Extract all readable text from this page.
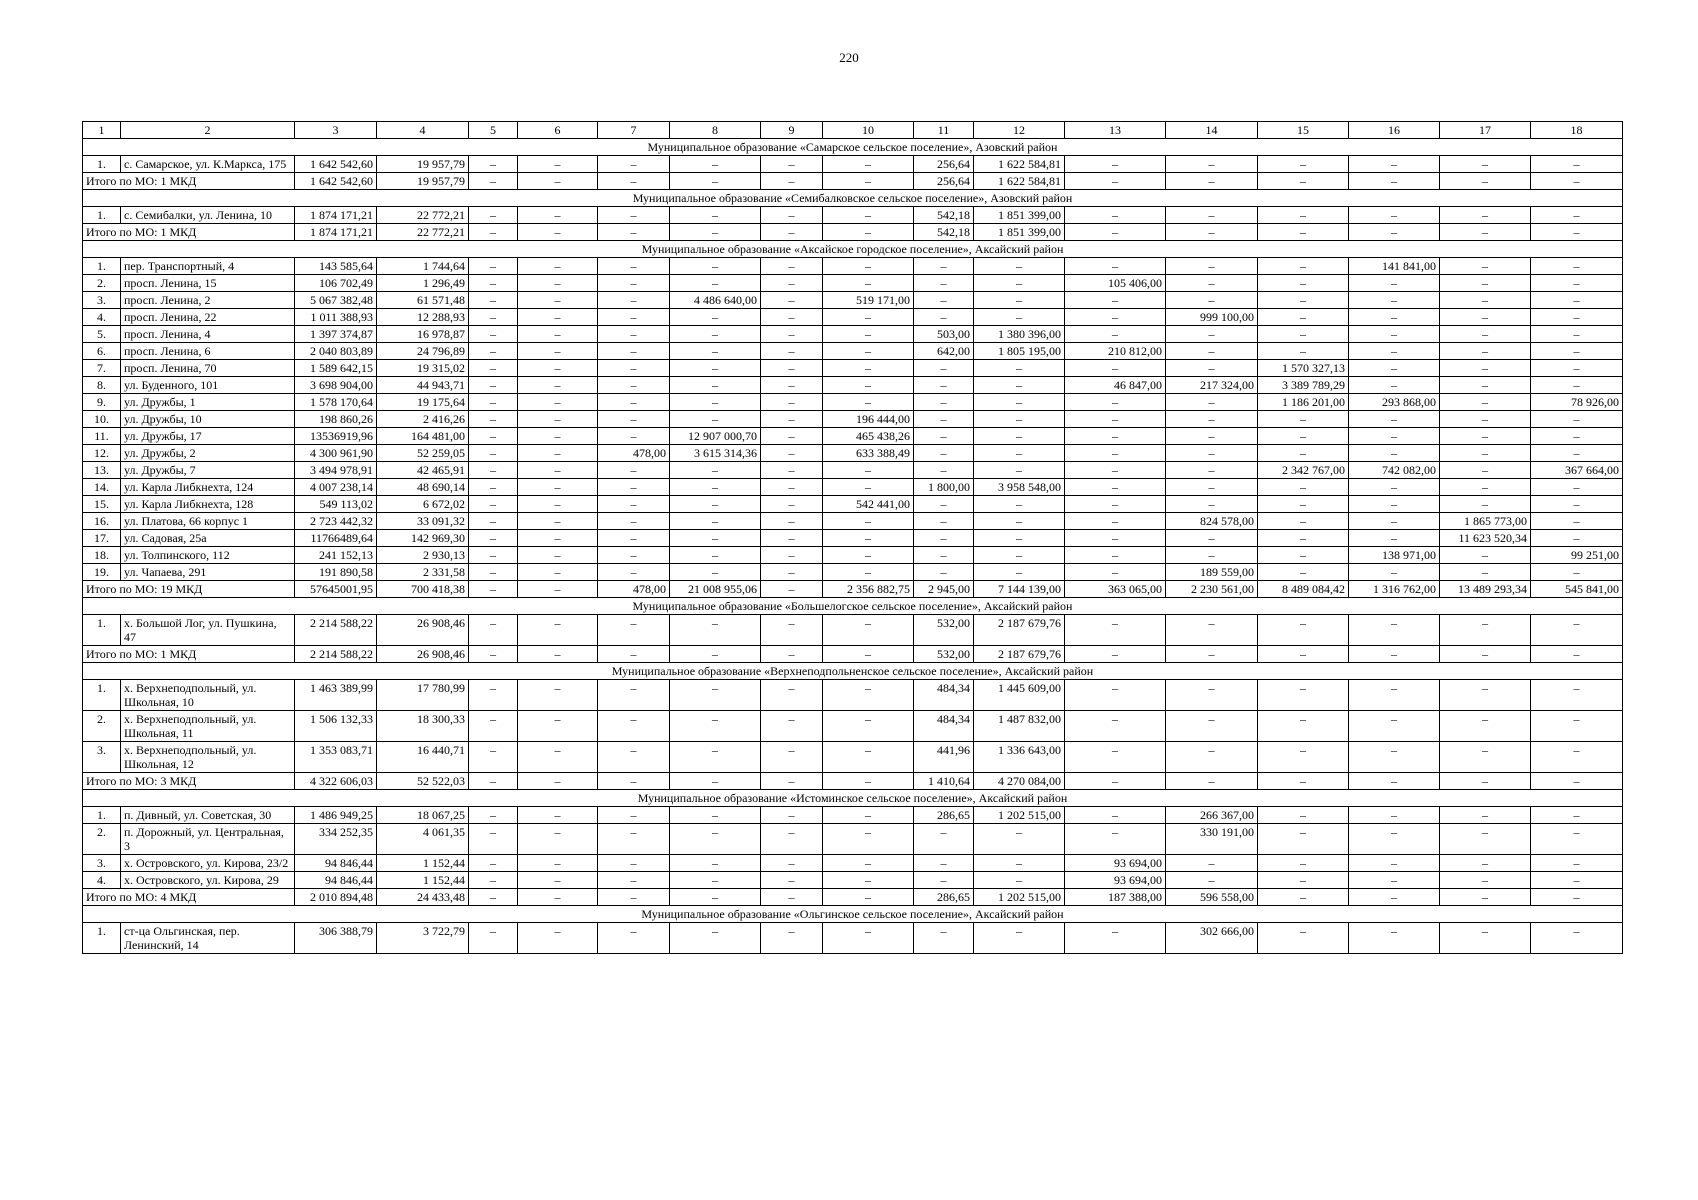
220
1	2	3	4	5	6	7	8	9	10	11	12	13	14	15	16	17	18
Муниципальное образование «Самарское сельское поселение», Азовский район																	
1.	с. Самарское, ул. К.Маркса, 175	1 642 542,60	19 957,79	–	–	–	–	–	–	256,64	1 622 584,81	–	–	–	–	–	–
Итого по МО: 1 МКД		1 642 542,60	19 957,79	–	–	–	–	–	–	256,64	1 622 584,81	–	–	–	–	–	–
Муниципальное образование «Семибалковское сельское поселение», Азовский район																	
1.	с. Семибалки, ул. Ленина, 10	1 874 171,21	22 772,21	–	–	–	–	–	–	542,18	1 851 399,00	–	–	–	–	–	–
Итого по МО: 1 МКД		1 874 171,21	22 772,21	–	–	–	–	–	–	542,18	1 851 399,00	–	–	–	–	–	–
Муниципальное образование «Аксайское городское поселение», Аксайский район																	
1.	пер. Транспортный, 4	143 585,64	1 744,64	–	–	–	–	–	–	–	–	–	–	–	141 841,00	–	–
2.	просп. Ленина, 15	106 702,49	1 296,49	–	–	–	–	–	–	–	–	105 406,00	–	–	–	–	–
3.	просп. Ленина, 2	5 067 382,48	61 571,48	–	–	–	4 486 640,00	–	519 171,00	–	–	–	–	–	–	–	–
4.	просп. Ленина, 22	1 011 388,93	12 288,93	–	–	–	–	–	–	–	–	–	999 100,00	–	–	–	–
5.	просп. Ленина, 4	1 397 374,87	16 978,87	–	–	–	–	–	–	503,00	1 380 396,00	–	–	–	–	–	–
6.	просп. Ленина, 6	2 040 803,89	24 796,89	–	–	–	–	–	–	642,00	1 805 195,00	210 812,00	–	–	–	–	–
7.	просп. Ленина, 70	1 589 642,15	19 315,02	–	–	–	–	–	–	–	–	–	–	1 570 327,13	–	–	–
8.	ул. Буденного, 101	3 698 904,00	44 943,71	–	–	–	–	–	–	–	–	46 847,00	217 324,00	3 389 789,29	–	–	–
9.	ул. Дружбы, 1	1 578 170,64	19 175,64	–	–	–	–	–	–	–	–	–	–	1 186 201,00	293 868,00	–	78 926,00
10.	ул. Дружбы, 10	198 860,26	2 416,26	–	–	–	–	–	196 444,00	–	–	–	–	–	–	–	–
11.	ул. Дружбы, 17	13536919,96	164 481,00	–	–	–	12 907 000,70	–	465 438,26	–	–	–	–	–	–	–	–
12.	ул. Дружбы, 2	4 300 961,90	52 259,05	–	–	478,00	3 615 314,36	–	633 388,49	–	–	–	–	–	–	–	–
13.	ул. Дружбы, 7	3 494 978,91	42 465,91	–	–	–	–	–	–	–	–	–	–	2 342 767,00	742 082,00	–	367 664,00
14.	ул. Карла Либкнехта, 124	4 007 238,14	48 690,14	–	–	–	–	–	–	1 800,00	3 958 548,00	–	–	–	–	–	–
15.	ул. Карла Либкнехта, 128	549 113,02	6 672,02	–	–	–	–	–	542 441,00	–	–	–	–	–	–	–	–
16.	ул. Платова, 66 корпус 1	2 723 442,32	33 091,32	–	–	–	–	–	–	–	–	–	824 578,00	–	–	1 865 773,00	–
17.	ул. Садовая, 25а	11766489,64	142 969,30	–	–	–	–	–	–	–	–	–	–	–	–	11 623 520,34	–
18.	ул. Толпинского, 112	241 152,13	2 930,13	–	–	–	–	–	–	–	–	–	–	–	138 971,00	–	99 251,00
19.	ул. Чапаева, 291	191 890,58	2 331,58	–	–	–	–	–	–	–	–	–	189 559,00	–	–	–	–
Итого по МО: 19 МКД		57645001,95	700 418,38	–	–	478,00	21 008 955,06	–	2 356 882,75	2 945,00	7 144 139,00	363 065,00	2 230 561,00	8 489 084,42	1 316 762,00	13 489 293,34	545 841,00
Муниципальное образование «Большелогское сельское поселение», Аксайский район																	
1.	х. Большой Лог, ул. Пушкина, 47	2 214 588,22	26 908,46	–	–	–	–	–	–	532,00	2 187 679,76	–	–	–	–	–	–
Итого по МО: 1 МКД		2 214 588,22	26 908,46	–	–	–	–	–	–	532,00	2 187 679,76	–	–	–	–	–	–
Муниципальное образование «Верхнеподпольненское сельское поселение», Аксайский район																	
1.	х. Верхнеподпольный, ул. Школьная, 10	1 463 389,99	17 780,99	–	–	–	–	–	–	484,34	1 445 609,00	–	–	–	–	–	–
2.	х. Верхнеподпольный, ул. Школьная, 11	1 506 132,33	18 300,33	–	–	–	–	–	–	484,34	1 487 832,00	–	–	–	–	–	–
3.	х. Верхнеподпольный, ул. Школьная, 12	1 353 083,71	16 440,71	–	–	–	–	–	–	441,96	1 336 643,00	–	–	–	–	–	–
Итого по МО: 3 МКД		4 322 606,03	52 522,03	–	–	–	–	–	–	1 410,64	4 270 084,00	–	–	–	–	–	–
Муниципальное образование «Истоминское сельское поселение», Аксайский район																	
1.	п. Дивный, ул. Советская, 30	1 486 949,25	18 067,25	–	–	–	–	–	–	286,65	1 202 515,00	–	266 367,00	–	–	–	–
2.	п. Дорожный, ул. Центральная, 3	334 252,35	4 061,35	–	–	–	–	–	–	–	–	–	330 191,00	–	–	–	–
3.	х. Островского, ул. Кирова, 23/2	94 846,44	1 152,44	–	–	–	–	–	–	–	–	93 694,00	–	–	–	–	–
4.	х. Островского, ул. Кирова, 29	94 846,44	1 152,44	–	–	–	–	–	–	–	–	93 694,00	–	–	–	–	–
Итого по МО: 4 МКД		2 010 894,48	24 433,48	–	–	–	–	–	–	286,65	1 202 515,00	187 388,00	596 558,00	–	–	–	–
Муниципальное образование «Ольгинское сельское поселение», Аксайский район																	
1.	ст-ца Ольгинская, пер. Ленинский, 14	306 388,79	3 722,79	–	–	–	–	–	–	–	–	–	302 666,00	–	–	–	–
